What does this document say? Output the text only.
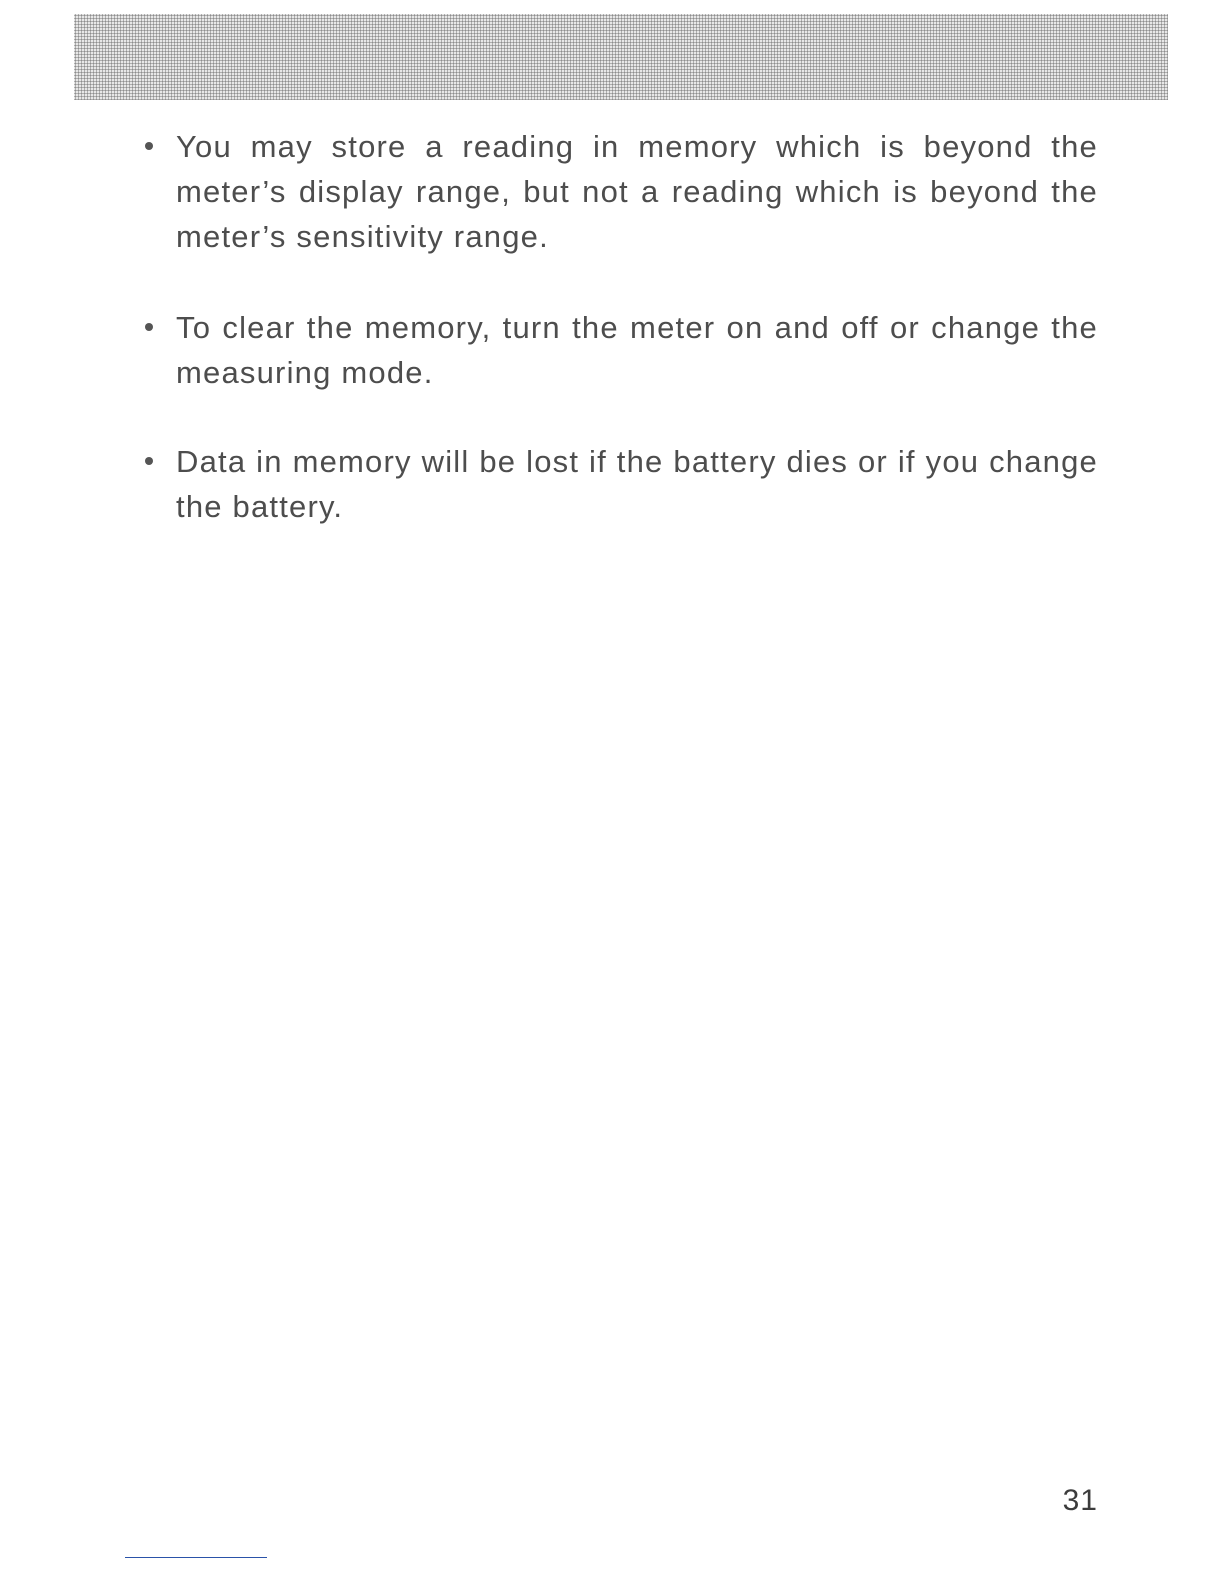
You may store a reading in memory which is beyond the meter’s display range, but not a reading which is beyond the meter’s sensitivity range.
To clear the memory, turn the meter on and off or change the measuring mode.
Data in memory will be lost if the battery dies or if you change the battery.
31
